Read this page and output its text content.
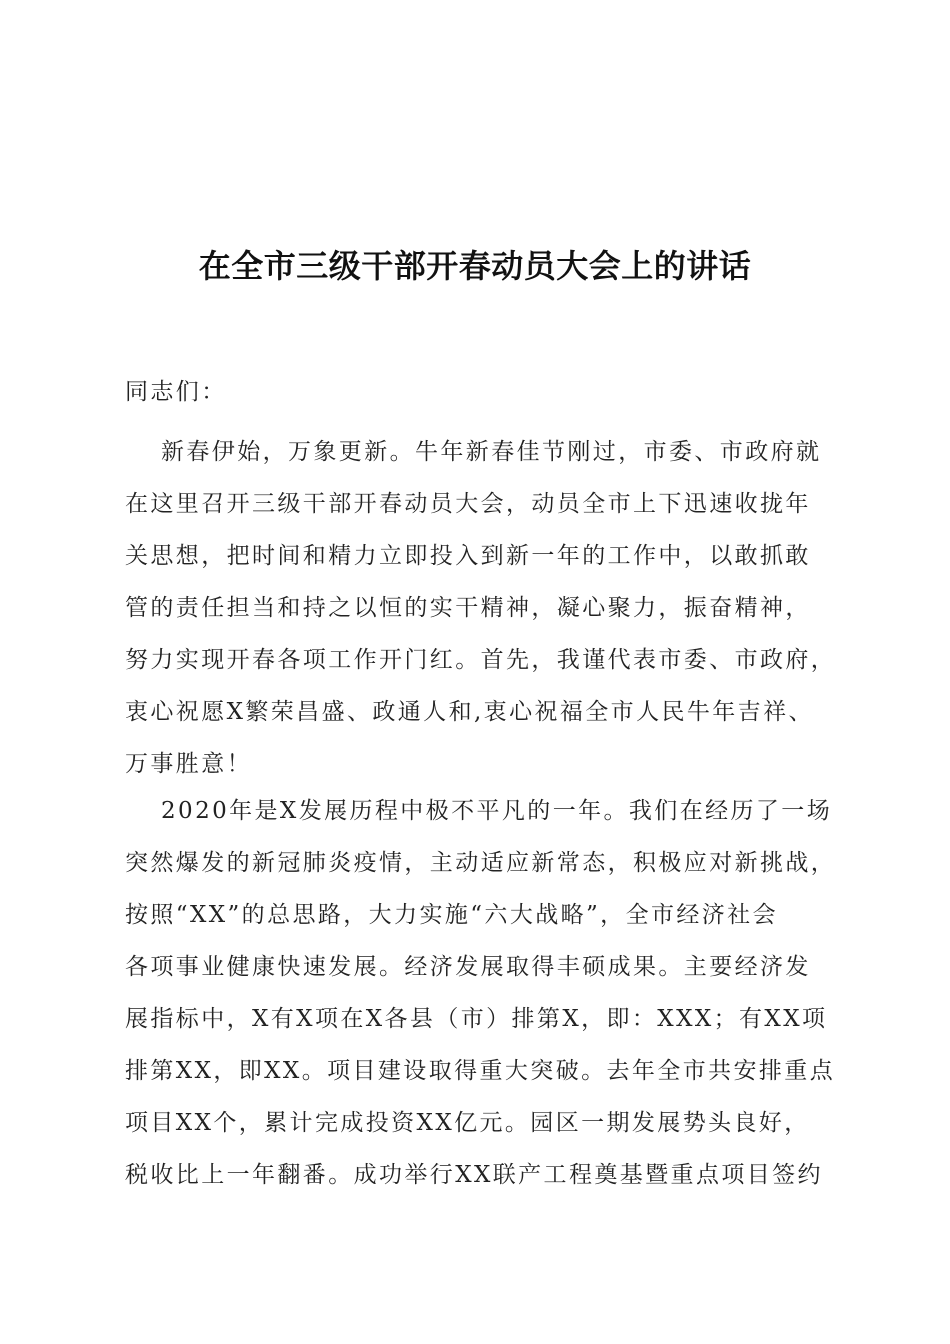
在全市三级干部开春动员大会上的讲话
同志们：
新春伊始，万象更新。牛年新春佳节刚过，市委、市政府就
在这里召开三级干部开春动员大会，动员全市上下迅速收拢年
关思想，把时间和精力立即投入到新一年的工作中，以敢抓敢
管的责任担当和持之以恒的实干精神，凝心聚力，振奋精神，
努力实现开春各项工作开门红。首先，我谨代表市委、市政府，
衷心祝愿X繁荣昌盛、政通人和,衷心祝福全市人民牛年吉祥、
万事胜意！
2020年是X发展历程中极不平凡的一年。我们在经历了一场
突然爆发的新冠肺炎疫情，主动适应新常态，积极应对新挑战，
按照“XX”的总思路，大力实施“六大战略”，全市经济社会
各项事业健康快速发展。经济发展取得丰硕成果。主要经济发
展指标中，X有X项在X各县（市）排第X，即：XXX；有XX项
排第XX，即XX。项目建设取得重大突破。去年全市共安排重点
项目XX个，累计完成投资XX亿元。园区一期发展势头良好，
税收比上一年翻番。成功举行XX联产工程奠基暨重点项目签约
